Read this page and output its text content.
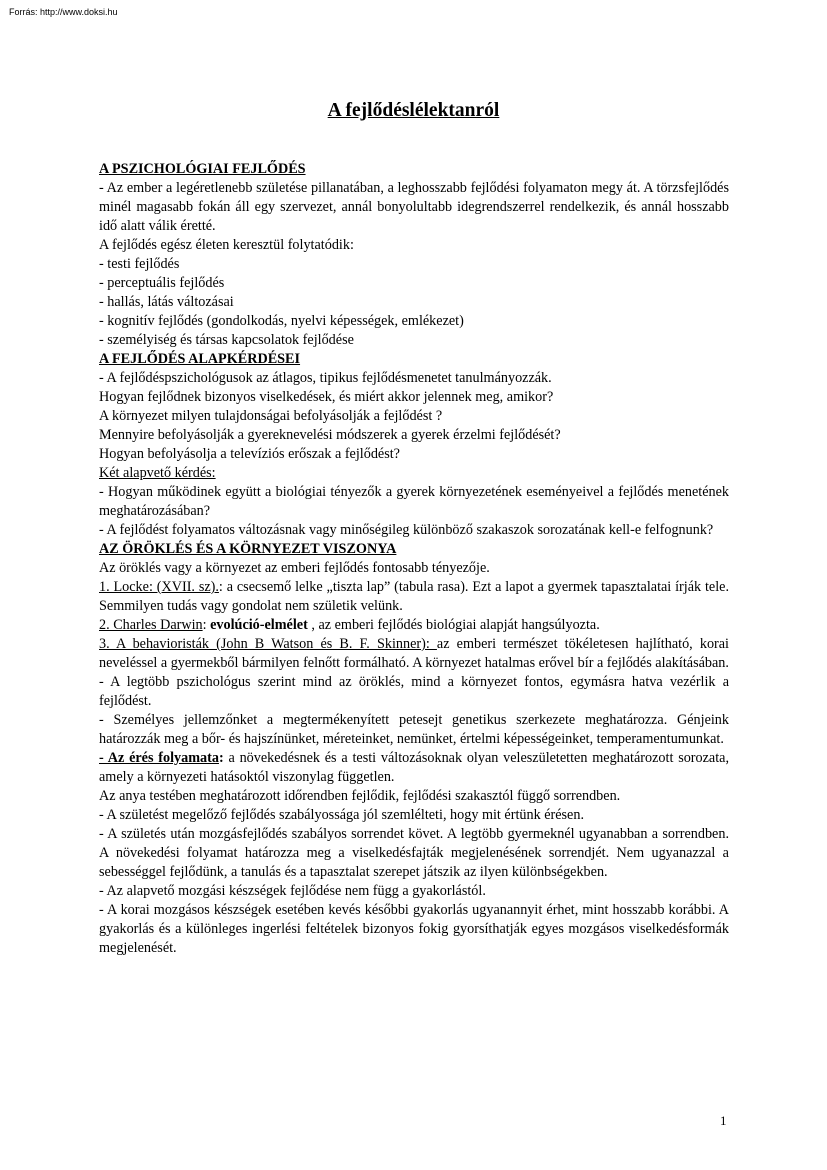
Forrás: http://www.doksi.hu
A fejlődéslélektanról

A PSZICHOLÓGIAI FEJLŐDÉS

- Az ember a legéretlenebb születése pillanatában, a leghosszabb fejlődési folyamaton megy át. A törzsfejlődés minél magasabb fokán áll egy szervezet, annál bonyolultabb idegrendszerrel rendelkezik, és annál hosszabb idő alatt válik éretté.

A fejlődés egész életen keresztül folytatódik:

- testi fejlődés

- perceptuális fejlődés

- hallás, látás változásai

- kognitív fejlődés (gondolkodás, nyelvi képességek, emlékezet)

- személyiség és társas kapcsolatok fejlődése

A FEJLŐDÉS ALAPKÉRDÉSEI

- A fejlődéspszichológusok az átlagos, tipikus fejlődésmenetet tanulmányozzák.

Hogyan fejlődnek bizonyos viselkedések, és miért akkor jelennek meg, amikor?

A környezet milyen tulajdonságai befolyásolják a fejlődést ?

Mennyire befolyásolják a gyereknevelési módszerek a gyerek érzelmi fejlődését?

Hogyan befolyásolja a televíziós erőszak a fejlődést?

Két alapvető kérdés:

- Hogyan működinek együtt a biológiai tényezők a gyerek környezetének eseményeivel a fejlődés menetének meghatározásában?

- A fejlődést folyamatos változásnak vagy minőségileg különböző szakaszok sorozatának kell-e felfognunk?

AZ ÖRÖKLÉS ÉS A KÖRNYEZET VISZONYA

Az öröklés vagy a környezet az emberi fejlődés fontosabb tényezője.

1. Locke: (XVII. sz).: a csecsemő lelke „tiszta lap” (tabula rasa). Ezt a lapot a gyermek tapasztalatai írják tele. Semmilyen tudás vagy gondolat nem születik velünk.

2. Charles Darwin: evolúció-elmélet , az emberi fejlődés biológiai alapját hangsúlyozta.

3. A behavioristák (John B Watson és B. F. Skinner): az emberi természet tökéletesen hajlítható, korai neveléssel a gyermekből bármilyen felnőtt formálható. A környezet hatalmas erővel bír a fejlődés alakításában.

- A legtöbb pszichológus szerint mind az öröklés, mind a környezet fontos, egymásra hatva vezérlik a fejlődést.

- Személyes jellemzőnket a megtermékenyített petesejt genetikus szerkezete meghatározza. Génjeink határozzák meg a bőr- és hajszínünket, méreteinket, nemünket, értelmi képességeinket, temperamentumunkat.

- Az érés folyamata: a növekedésnek és a testi változásoknak olyan veleszületetten meghatározott sorozata, amely a környezeti hatásoktól viszonylag független.

Az anya testében meghatározott időrendben fejlődik, fejlődési szakasztól függő sorrendben.

- A születést megelőző fejlődés szabályossága jól szemlélteti, hogy mit értünk érésen.

- A születés után mozgásfejlődés szabályos sorrendet követ. A legtöbb gyermeknél ugyanabban a sorrendben. A növekedési folyamat határozza meg a viselkedésfajták megjelenésének sorrendjét. Nem ugyanazzal a sebességgel fejlődünk, a tanulás és a tapasztalat szerepet játszik az ilyen különbségekben.

- Az alapvető mozgási készségek fejlődése nem függ a gyakorlástól.

- A korai mozgásos készségek esetében kevés későbbi gyakorlás ugyanannyit érhet, mint hosszabb korábbi. A gyakorlás és a különleges ingerlési feltételek bizonyos fokig gyorsíthatják egyes mozgásos viselkedésformák megjelenését.

1
